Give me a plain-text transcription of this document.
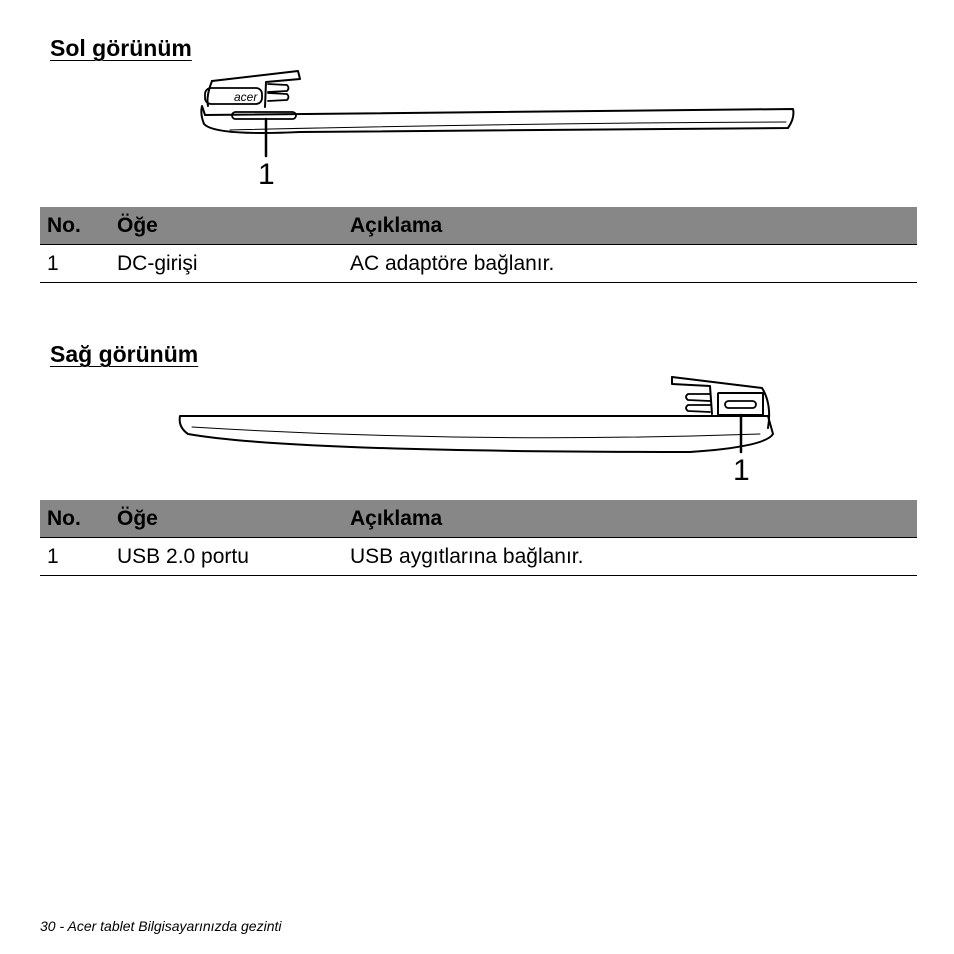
Sol görünüm
acer
1
No.	Öğe	Açıklama
1	DC-girişi	AC adaptöre bağlanır.
Sağ görünüm
1
No.	Öğe	Açıklama
1	USB 2.0 portu	USB aygıtlarına bağlanır.
30 - Acer tablet Bilgisayarınızda gezinti
